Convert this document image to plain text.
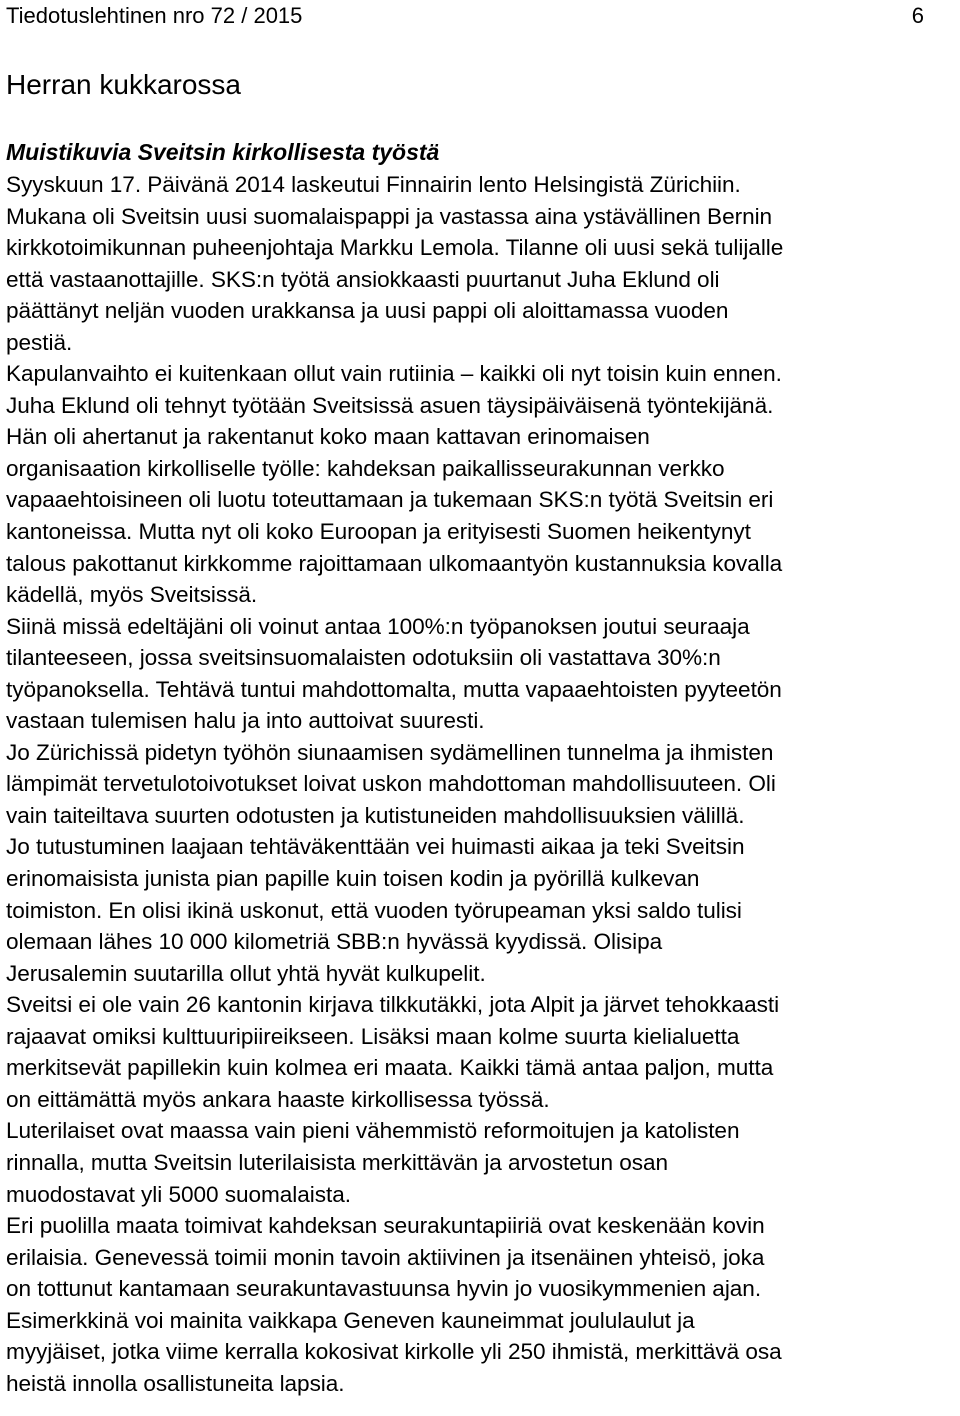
Tiedotuslehtinen nro 72 / 2015	6
Herran kukkarossa
Muistikuvia Sveitsin kirkollisesta työstä
Syyskuun 17. Päivänä 2014 laskeutui Finnairin lento Helsingistä Zürichiin.
Mukana oli Sveitsin uusi suomalaispappi ja vastassa aina ystävällinen Bernin
kirkkotoimikunnan puheenjohtaja Markku Lemola. Tilanne oli uusi sekä tulijalle
että vastaanottajille. SKS:n työtä ansiokkaasti puurtanut Juha Eklund oli
päättänyt neljän vuoden urakkansa ja uusi pappi oli aloittamassa vuoden
pestiä.
Kapulanvaihto ei kuitenkaan ollut vain rutiinia – kaikki oli nyt toisin kuin ennen.
Juha Eklund oli tehnyt työtään Sveitsissä asuen täysipäiväisenä työntekijänä.
Hän oli ahertanut ja rakentanut koko maan kattavan erinomaisen
organisaation kirkolliselle työlle: kahdeksan paikallisseurakunnan verkko
vapaaehtoisineen oli luotu toteuttamaan ja tukemaan SKS:n työtä Sveitsin eri
kantoneissa. Mutta nyt oli koko Euroopan ja erityisesti Suomen heikentynyt
talous pakottanut kirkkomme rajoittamaan ulkomaantyön kustannuksia kovalla
kädellä, myös Sveitsissä.
Siinä missä edeltäjäni oli voinut antaa 100%:n työpanoksen joutui seuraaja
tilanteeseen, jossa sveitsinsuomalaisten odotuksiin oli vastattava 30%:n
työpanoksella. Tehtävä tuntui mahdottomalta, mutta vapaaehtoisten pyyteetön
vastaan tulemisen halu ja into auttoivat suuresti.
Jo Zürichissä pidetyn työhön siunaamisen sydämellinen tunnelma ja ihmisten
lämpimät tervetulotoivotukset loivat uskon mahdottoman mahdollisuuteen. Oli
vain taiteiltava suurten odotusten ja kutistuneiden mahdollisuuksien välillä.
Jo tutustuminen laajaan tehtäväkenttään vei huimasti aikaa ja teki Sveitsin
erinomaisista junista pian papille kuin toisen kodin ja pyörillä kulkevan
toimiston. En olisi ikinä uskonut, että vuoden työrupeaman yksi saldo tulisi
olemaan lähes 10 000 kilometriä SBB:n hyvässä kyydissä. Olisipa
Jerusalemin suutarilla ollut yhtä hyvät kulkupelit.
Sveitsi ei ole vain 26 kantonin kirjava tilkkutäkki, jota Alpit ja järvet tehokkaasti
rajaavat omiksi kulttuuripiireikseen. Lisäksi maan kolme suurta kielialuetta
merkitsevät papillekin kuin kolmea eri maata. Kaikki tämä antaa paljon, mutta
on eittämättä myös ankara haaste kirkollisessa työssä.
Luterilaiset ovat maassa vain pieni vähemmistö reformoitujen ja katolisten
rinnalla, mutta Sveitsin luterilaisista merkittävän ja arvostetun osan
muodostavat yli 5000 suomalaista.
Eri puolilla maata toimivat kahdeksan seurakuntapiiriä ovat keskenään kovin
erilaisia. Genevessä toimii monin tavoin aktiivinen ja itsenäinen yhteisö, joka
on tottunut kantamaan seurakuntavastuunsa hyvin jo vuosikymmenien ajan.
Esimerkkinä voi mainita vaikkapa Geneven kauneimmat joululaulut ja
myyjäiset, jotka viime kerralla kokosivat kirkolle yli 250 ihmistä, merkittävä osa
heistä innolla osallistuneita lapsia.
